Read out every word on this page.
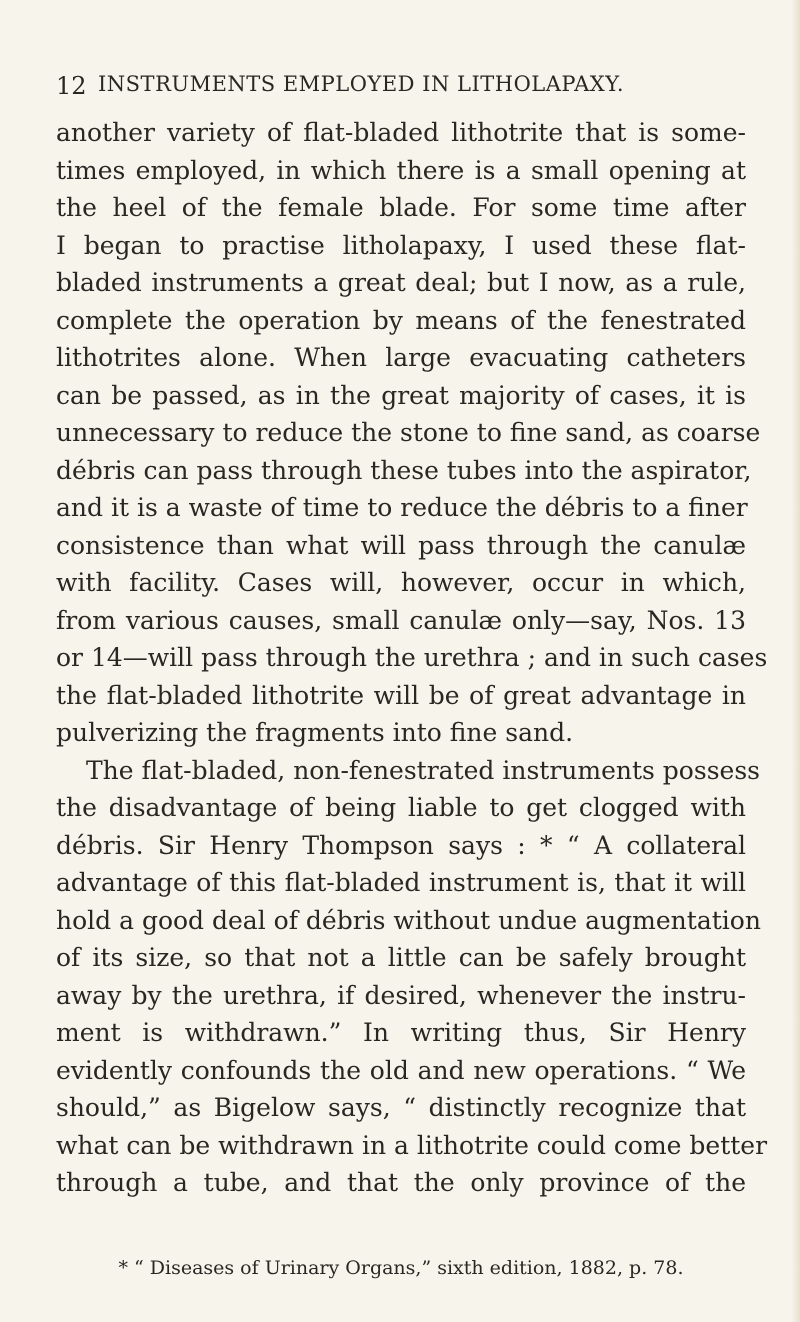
12 INSTRUMENTS EMPLOYED IN LITHOLAPAXY.
another variety of flat-bladed lithotrite that is some-
times employed, in which there is a small opening at
the heel of the female blade. For some time after
I began to practise litholapaxy, I used these flat-
bladed instruments a great deal; but I now, as a rule,
complete the operation by means of the fenestrated
lithotrites alone. When large evacuating catheters
can be passed, as in the great majority of cases, it is
unnecessary to reduce the stone to fine sand, as coarse
débris can pass through these tubes into the aspirator,
and it is a waste of time to reduce the débris to a finer
consistence than what will pass through the canulæ
with facility. Cases will, however, occur in which,
from various causes, small canulæ only—say, Nos. 13
or 14—will pass through the urethra ; and in such cases
the flat-bladed lithotrite will be of great advantage in
pulverizing the fragments into fine sand.
The flat-bladed, non-fenestrated instruments possess
the disadvantage of being liable to get clogged with
débris. Sir Henry Thompson says : * “ A collateral
advantage of this flat-bladed instrument is, that it will
hold a good deal of débris without undue augmentation
of its size, so that not a little can be safely brought
away by the urethra, if desired, whenever the instru-
ment is withdrawn.” In writing thus, Sir Henry
evidently confounds the old and new operations. “ We
should,” as Bigelow says, “ distinctly recognize that
what can be withdrawn in a lithotrite could come better
through a tube, and that the only province of the
* “ Diseases of Urinary Organs,” sixth edition, 1882, p. 78.
